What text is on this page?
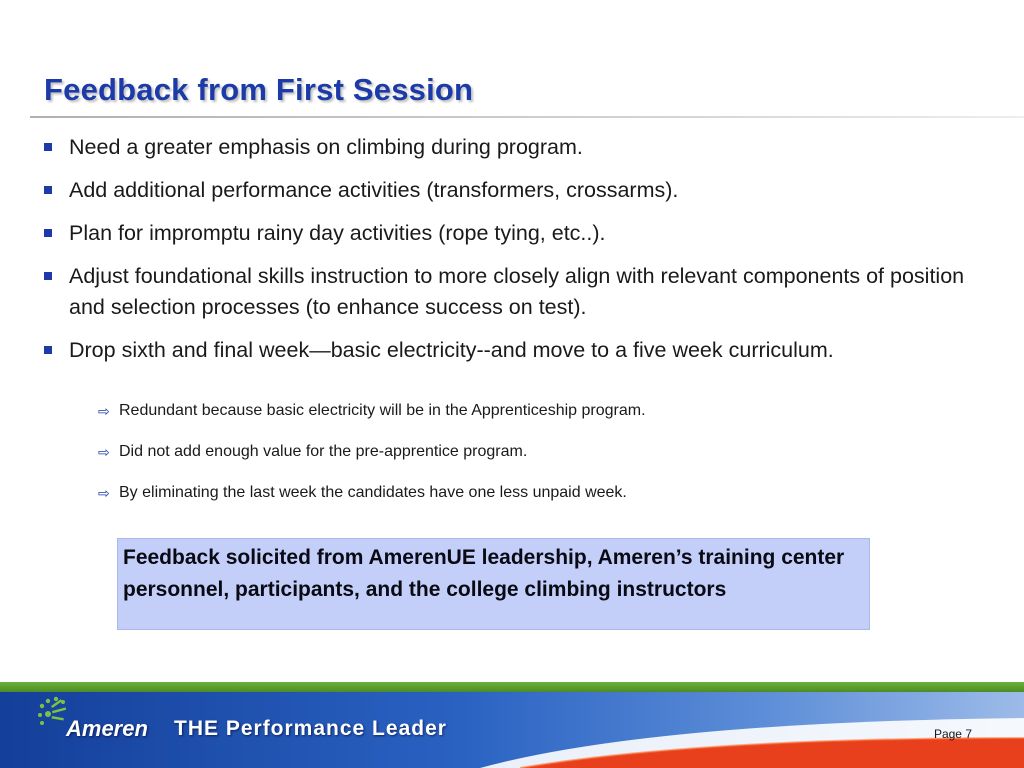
Feedback from First Session
Need a greater emphasis on climbing during program.
Add additional performance activities (transformers, crossarms).
Plan for impromptu rainy day activities (rope tying, etc..).
Adjust foundational skills instruction to more closely align with relevant components of position and selection processes (to enhance success on test).
Drop sixth and final week—basic electricity--and move to a five week curriculum.
⇨ Redundant because basic electricity will be in the Apprenticeship program.
⇨ Did not add enough value for the pre-apprentice program.
⇨ By eliminating the last week the candidates have one less unpaid week.
Feedback solicited from AmerenUE leadership, Ameren’s training center personnel, participants, and the college climbing instructors
Ameren THE Performance Leader	Page 7
